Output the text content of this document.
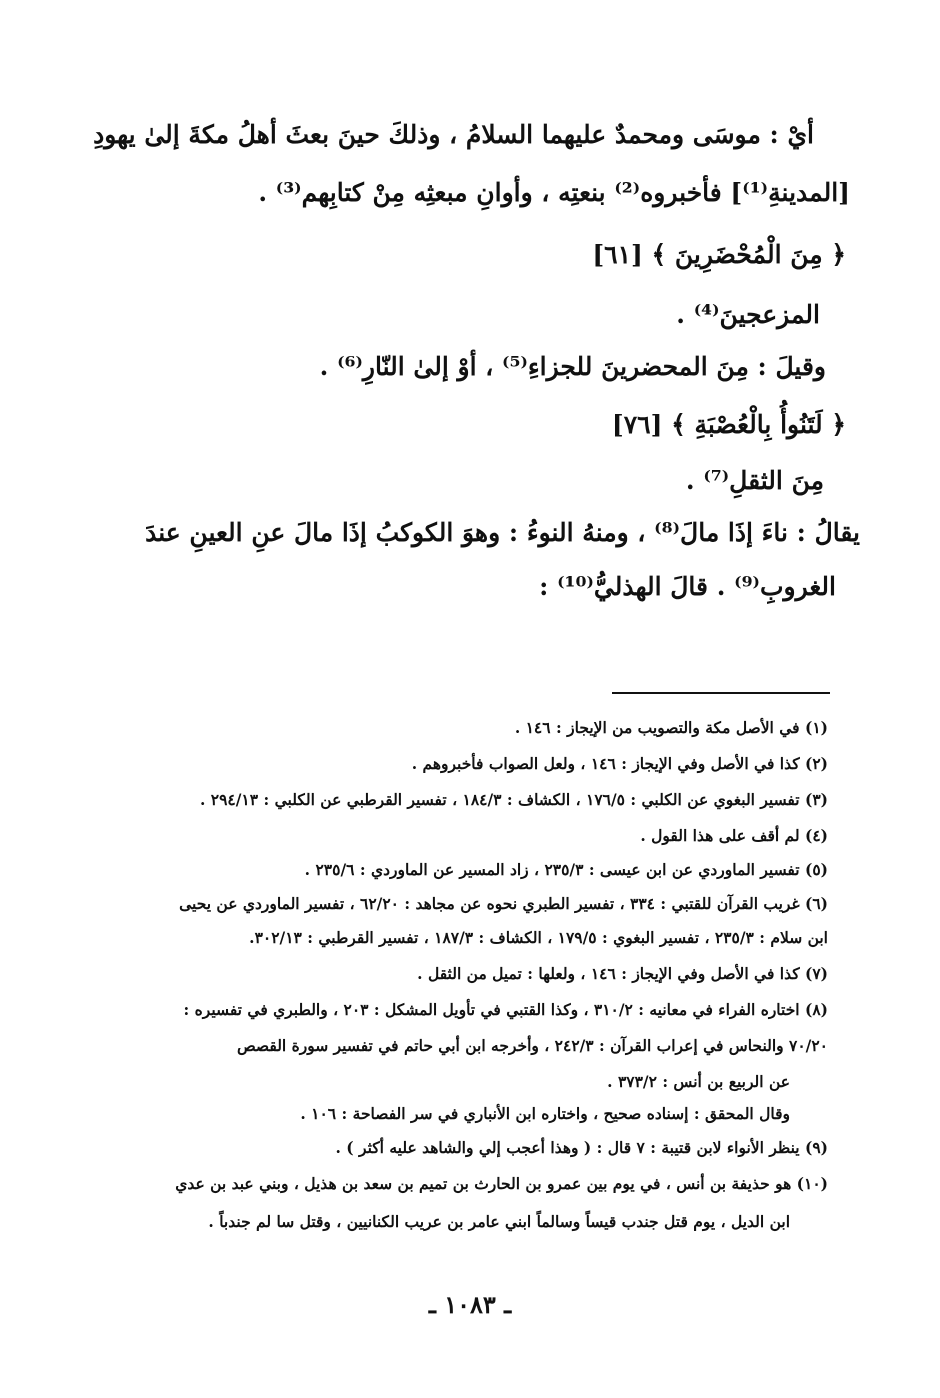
أيْ : موسَى ومحمدٌ عليهما السلامُ ، وذلكَ حينَ بعثَ أهلُ مكةَ إلىٰ يهودِ
[المدينةِ⁽¹⁾] فأخبروه⁽²⁾ بنعتِه ، وأوانِ مبعثِه مِنْ كتابِهم⁽³⁾ .
﴿ مِنَ الْمُحْضَرِينَ ﴾ [٦١]
المزعجينَ⁽⁴⁾ .
وقيلَ : مِنَ المحضرينَ للجزاءِ⁽⁵⁾ ، أوْ إلىٰ النّارِ⁽⁶⁾ .
﴿ لَتَنُوأُ بِالْعُصْبَةِ ﴾ [٧٦]
مِنَ الثقلِ⁽⁷⁾ .
يقالُ : ناءَ إذَا مالَ⁽⁸⁾ ، ومنهُ النوءُ : وهوَ الكوكبُ إذَا مالَ عنِ العينِ عندَ
الغروبِ⁽⁹⁾ . قالَ الهذليُّ⁽¹⁰⁾ :
(١) في الأصل مكة والتصويب من الإيجاز : ١٤٦ .
(٢) كذا في الأصل وفي الإيجاز : ١٤٦ ، ولعل الصواب فأخبروهم .
(٣) تفسير البغوي عن الكلبي : ١٧٦/٥ ، الكشاف : ١٨٤/٣ ، تفسير القرطبي عن الكلبي : ٢٩٤/١٣ .
(٤) لم أقف على هذا القول .
(٥) تفسير الماوردي عن ابن عيسى : ٢٣٥/٣ ، زاد المسير عن الماوردي : ٢٣٥/٦ .
(٦) غريب القرآن للقتبي : ٣٣٤ ، تفسير الطبري نحوه عن مجاهد : ٦٢/٢٠ ، تفسير الماوردي عن يحيى
ابن سلام : ٢٣٥/٣ ، تفسير البغوي : ١٧٩/٥ ، الكشاف : ١٨٧/٣ ، تفسير القرطبي : ٣٠٢/١٣.
(٧) كذا في الأصل وفي الإيجاز : ١٤٦ ، ولعلها : تميل من الثقل .
(٨) اختاره الفراء في معانيه : ٣١٠/٢ ، وكذا القتبي في تأويل المشكل : ٢٠٣ ، والطبري في تفسيره :
٧٠/٢٠ والنحاس في إعراب القرآن : ٢٤٢/٣ ، وأخرجه ابن أبي حاتم في تفسير سورة القصص
عن الربيع بن أنس : ٣٧٣/٢ .
وقال المحقق : إسناده صحيح ، واختاره ابن الأنباري في سر الفصاحة : ١٠٦ .
(٩) ينظر الأنواء لابن قتيبة : ٧ قال : ( وهذا أعجب إلي والشاهد عليه أكثر ) .
(١٠) هو حذيفة بن أنس ، في يوم بين عمرو بن الحارث بن تميم بن سعد بن هذيل ، وبني عبد بن عدي
ابن الديل ، يوم قتل جندب قيساً وسالماً ابني عامر بن عريب الكنانيين ، وقتل سا لم جندباً .
ـ ١٠٨٣ ـ
